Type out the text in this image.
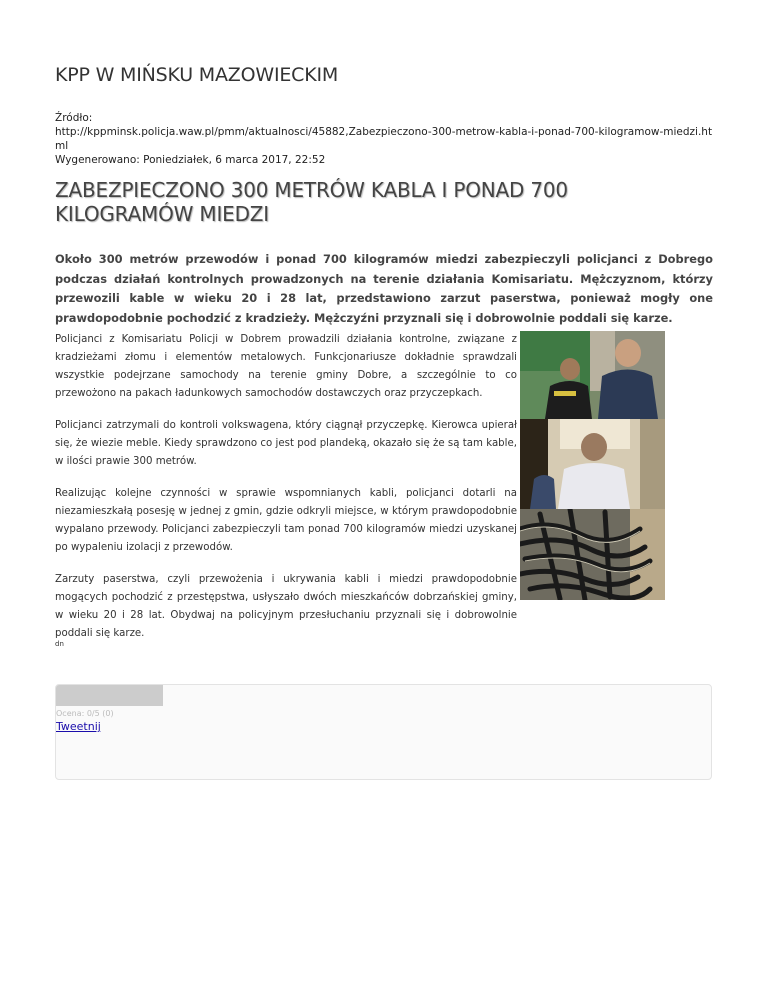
KPP W MIŃSKU MAZOWIECKIM
Źródło:
http://kppminsk.policja.waw.pl/pmm/aktualnosci/45882,Zabezpieczono-300-metrow-kabla-i-ponad-700-kilogramow-miedzi.ht
ml
Wygenerowano: Poniedziałek, 6 marca 2017, 22:52
ZABEZPIECZONO 300 METRÓW KABLA I PONAD 700 KILOGRAMÓW MIEDZI

Około 300 metrów przewodów i ponad 700 kilogramów miedzi zabezpieczyli policjanci z Dobrego podczas działań kontrolnych prowadzonych na terenie działania Komisariatu. Mężczyznom, którzy przewozili kable w wieku 20 i 28 lat, przedstawiono zarzut paserstwa, ponieważ mogły one prawdopodobnie pochodzić z kradzieży. Mężczyźni przyznali się i dobrowolnie poddali się karze.

Policjanci z Komisariatu Policji w Dobrem prowadzili działania kontrolne, związane z kradzieżami złomu i elementów metalowych. Funkcjonariusze dokładnie sprawdzali wszystkie podejrzane samochody na terenie gminy Dobre, a szczególnie to co przewożono na pakach ładunkowych samochodów dostawczych oraz przyczepkach.

Policjanci zatrzymali do kontroli volkswagena, który ciągnął przyczepkę. Kierowca upierał się, że wiezie meble. Kiedy sprawdzono co jest pod plandeką, okazało się że są tam kable, w ilości prawie 300 metrów.

Realizując kolejne czynności w sprawie wspomnianych kabli, policjanci dotarli na niezamieszkałą posesję w jednej z gmin, gdzie odkryli miejsce, w którym prawdopodobnie wypalano przewody. Policjanci zabezpieczyli tam ponad 700 kilogramów miedzi uzyskanej po wypaleniu izolacji z przewodów.

Zarzuty paserstwa, czyli przewożenia i ukrywania kabli i miedzi prawdopodobnie mogących pochodzić z przestępstwa, usłyszało dwóch mieszkańców dobrzańskiej gminy, w wieku 20 i 28 lat. Obydwaj na policyjnym przesłuchaniu przyznali się i dobrowolnie poddali się karze.

dn
Ocena: 0/5 (0)
Tweetnij
